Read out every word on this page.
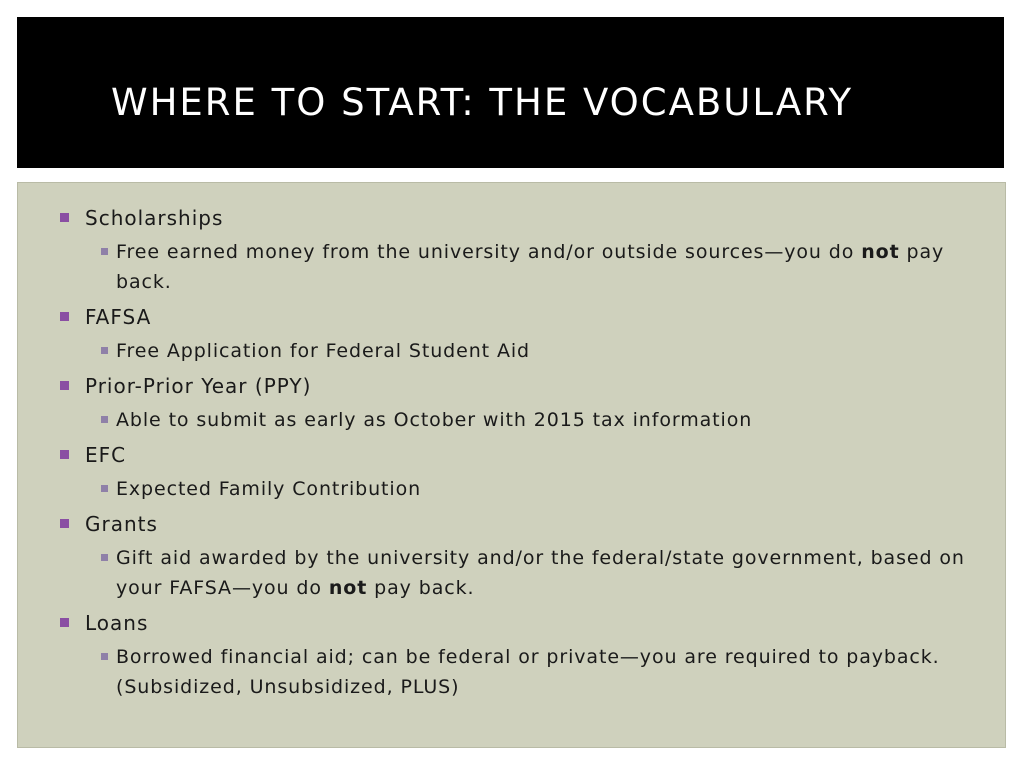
WHERE TO START: THE VOCABULARY
Scholarships
Free earned money from the university and/or outside sources—you do not pay back.
FAFSA
Free Application for Federal Student Aid
Prior-Prior Year (PPY)
Able to submit as early as October with 2015 tax information
EFC
Expected Family Contribution
Grants
Gift aid awarded by the university and/or the federal/state government, based on your FAFSA—you do not pay back.
Loans
Borrowed financial aid; can be federal or private—you are required to payback. (Subsidized, Unsubsidized, PLUS)
